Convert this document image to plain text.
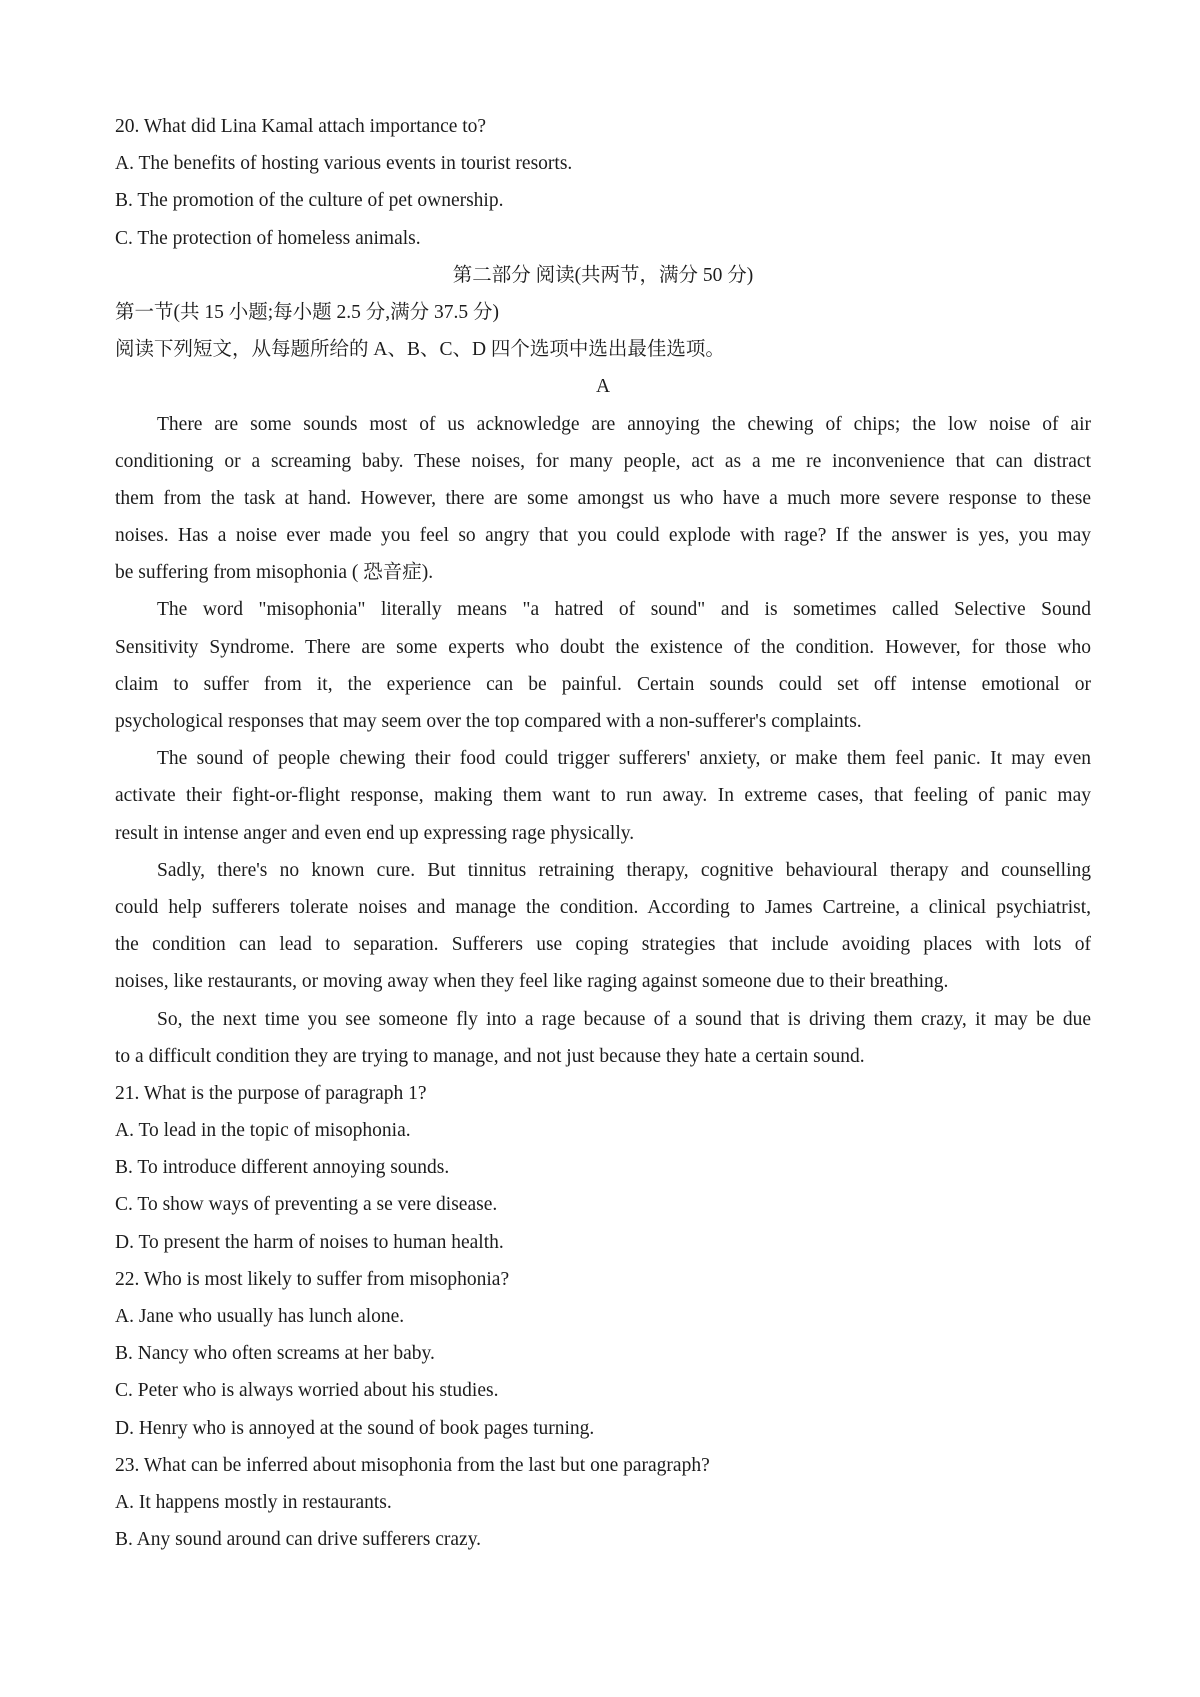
20. What did Lina Kamal attach importance to?
A. The benefits of hosting various events in tourist resorts.
B. The promotion of the culture of pet ownership.
C. The protection of homeless animals.
第二部分 阅读(共两节，满分 50 分)
第一节(共 15 小题;每小题 2.5 分,满分 37.5 分)
阅读下列短文，从每题所给的 A、B、C、D 四个选项中选出最佳选项。
A
There are some sounds most of us acknowledge are annoying the chewing of chips; the low noise of air
conditioning or a screaming baby. These noises, for many people, act as a me re inconvenience that can distract
them from the task at hand. However, there are some amongst us who have a much more severe response to these
noises. Has a noise ever made you feel so angry that you could explode with rage? If the answer is yes, you may
be suffering from misophonia ( 恐音症).
The word "misophonia" literally means "a hatred of sound" and is sometimes called Selective Sound
Sensitivity Syndrome. There are some experts who doubt the existence of the condition. However, for those who
claim to suffer from it, the experience can be painful. Certain sounds could set off intense emotional or
psychological responses that may seem over the top compared with a non-sufferer's complaints.
The sound of people chewing their food could trigger sufferers' anxiety, or make them feel panic. It may even
activate their fight-or-flight response, making them want to run away. In extreme cases, that feeling of panic may
result in intense anger and even end up expressing rage physically.
Sadly, there's no known cure. But tinnitus retraining therapy, cognitive behavioural therapy and counselling
could help sufferers tolerate noises and manage the condition. According to James Cartreine, a clinical psychiatrist,
the condition can lead to separation. Sufferers use coping strategies that include avoiding places with lots of
noises, like restaurants, or moving away when they feel like raging against someone due to their breathing.
So, the next time you see someone fly into a rage because of a sound that is driving them crazy, it may be due
to a difficult condition they are trying to manage, and not just because they hate a certain sound.
21. What is the purpose of paragraph 1?
A. To lead in the topic of misophonia.
B. To introduce different annoying sounds.
C. To show ways of preventing a se vere disease.
D. To present the harm of noises to human health.
22. Who is most likely to suffer from misophonia?
A. Jane who usually has lunch alone.
B. Nancy who often screams at her baby.
C. Peter who is always worried about his studies.
D. Henry who is annoyed at the sound of book pages turning.
23. What can be inferred about misophonia from the last but one paragraph?
A. It happens mostly in restaurants.
B. Any sound around can drive sufferers crazy.
